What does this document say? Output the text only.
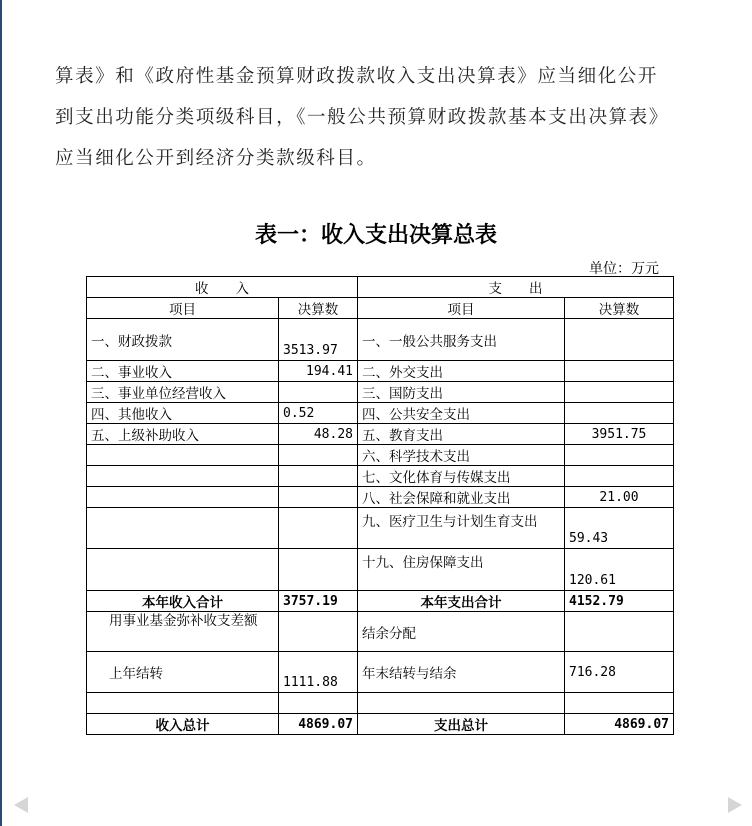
算表》和《政府性基金预算财政拨款收入支出决算表》应当细化公开
到支出功能分类项级科目，《一般公共预算财政拨款基本支出决算表》
应当细化公开到经济分类款级科目。
表一：收入支出决算总表
单位：万元
收　　入		支　　出	
项目	决算数	项目	决算数
一、财政拨款	3513.97	一、一般公共服务支出	
二、事业收入	194.41	二、外交支出	
三、事业单位经营收入		三、国防支出	
四、其他收入	0.52	四、公共安全支出	
五、上级补助收入	48.28	五、教育支出	3951.75
		六、科学技术支出	
		七、文化体育与传媒支出	
		八、社会保障和就业支出	21.00
		九、医疗卫生与计划生育支出	59.43
		十九、住房保障支出	120.61
本年收入合计	3757.19	本年支出合计	4152.79
用事业基金弥补收支差额		结余分配	
上年结转	1111.88	年末结转与结余	716.28

收入总计	4869.07	支出总计	4869.07
